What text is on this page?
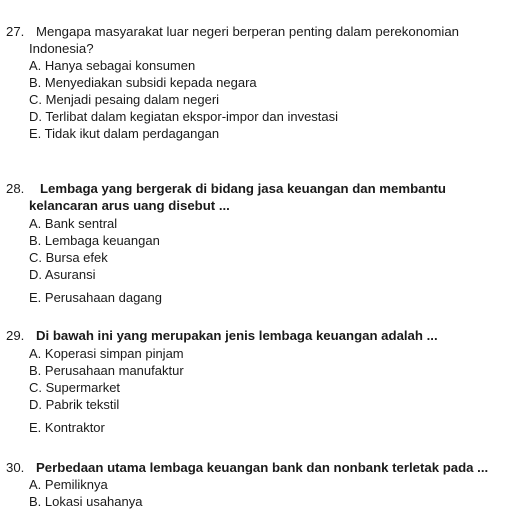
27. Mengapa masyarakat luar negeri berperan penting dalam perekonomian
Indonesia?
A. Hanya sebagai konsumen
B. Menyediakan subsidi kepada negara
C. Menjadi pesaing dalam negeri
D. Terlibat dalam kegiatan ekspor-impor dan investasi
E. Tidak ikut dalam perdagangan
28. Lembaga yang bergerak di bidang jasa keuangan dan membantu
kelancaran arus uang disebut ...
A. Bank sentral
B. Lembaga keuangan
C. Bursa efek
D. Asuransi
E. Perusahaan dagang
29. Di bawah ini yang merupakan jenis lembaga keuangan adalah ...
A. Koperasi simpan pinjam
B. Perusahaan manufaktur
C. Supermarket
D. Pabrik tekstil
E. Kontraktor
30. Perbedaan utama lembaga keuangan bank dan nonbank terletak pada ...
A. Pemiliknya
B. Lokasi usahanya
